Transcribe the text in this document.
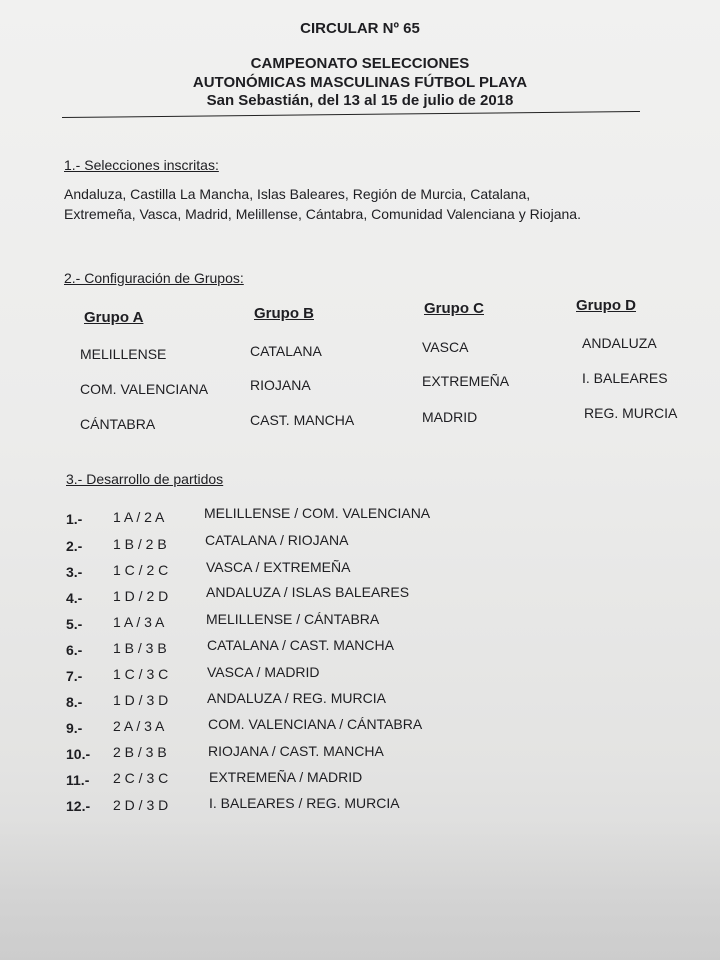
CIRCULAR Nº 65
CAMPEONATO SELECCIONES
AUTONÓMICAS MASCULINAS FÚTBOL PLAYA
San Sebastián, del 13 al 15 de julio de 2018
1.- Selecciones inscritas:
Andaluza, Castilla La Mancha, Islas Baleares, Región de Murcia, Catalana,
Extremeña, Vasca, Madrid, Melillense, Cántabra, Comunidad Valenciana y Riojana.
2.- Configuración de Grupos:
Grupo A
MELILLENSE
COM. VALENCIANA
CÁNTABRA
Grupo B
CATALANA
RIOJANA
CAST. MANCHA
Grupo C
VASCA
EXTREMEÑA
MADRID
Grupo D
ANDALUZA
I. BALEARES
REG. MURCIA
3.- Desarrollo de partidos
1.- 1 A / 2 A	MELILLENSE / COM. VALENCIANA
2.- 1 B / 2 B	CATALANA / RIOJANA
3.- 1 C / 2 C	VASCA / EXTREMEÑA
4.- 1 D / 2 D	ANDALUZA / ISLAS BALEARES
5.- 1 A / 3 A	MELILLENSE / CÁNTABRA
6.- 1 B / 3 B	CATALANA / CAST. MANCHA
7.- 1 C / 3 C	VASCA / MADRID
8.- 1 D / 3 D	ANDALUZA / REG. MURCIA
9.- 2 A / 3 A	COM. VALENCIANA / CÁNTABRA
10.- 2 B / 3 B	RIOJANA / CAST. MANCHA
11.- 2 C / 3 C	EXTREMEÑA / MADRID
12.- 2 D / 3 D	I. BALEARES / REG. MURCIA
